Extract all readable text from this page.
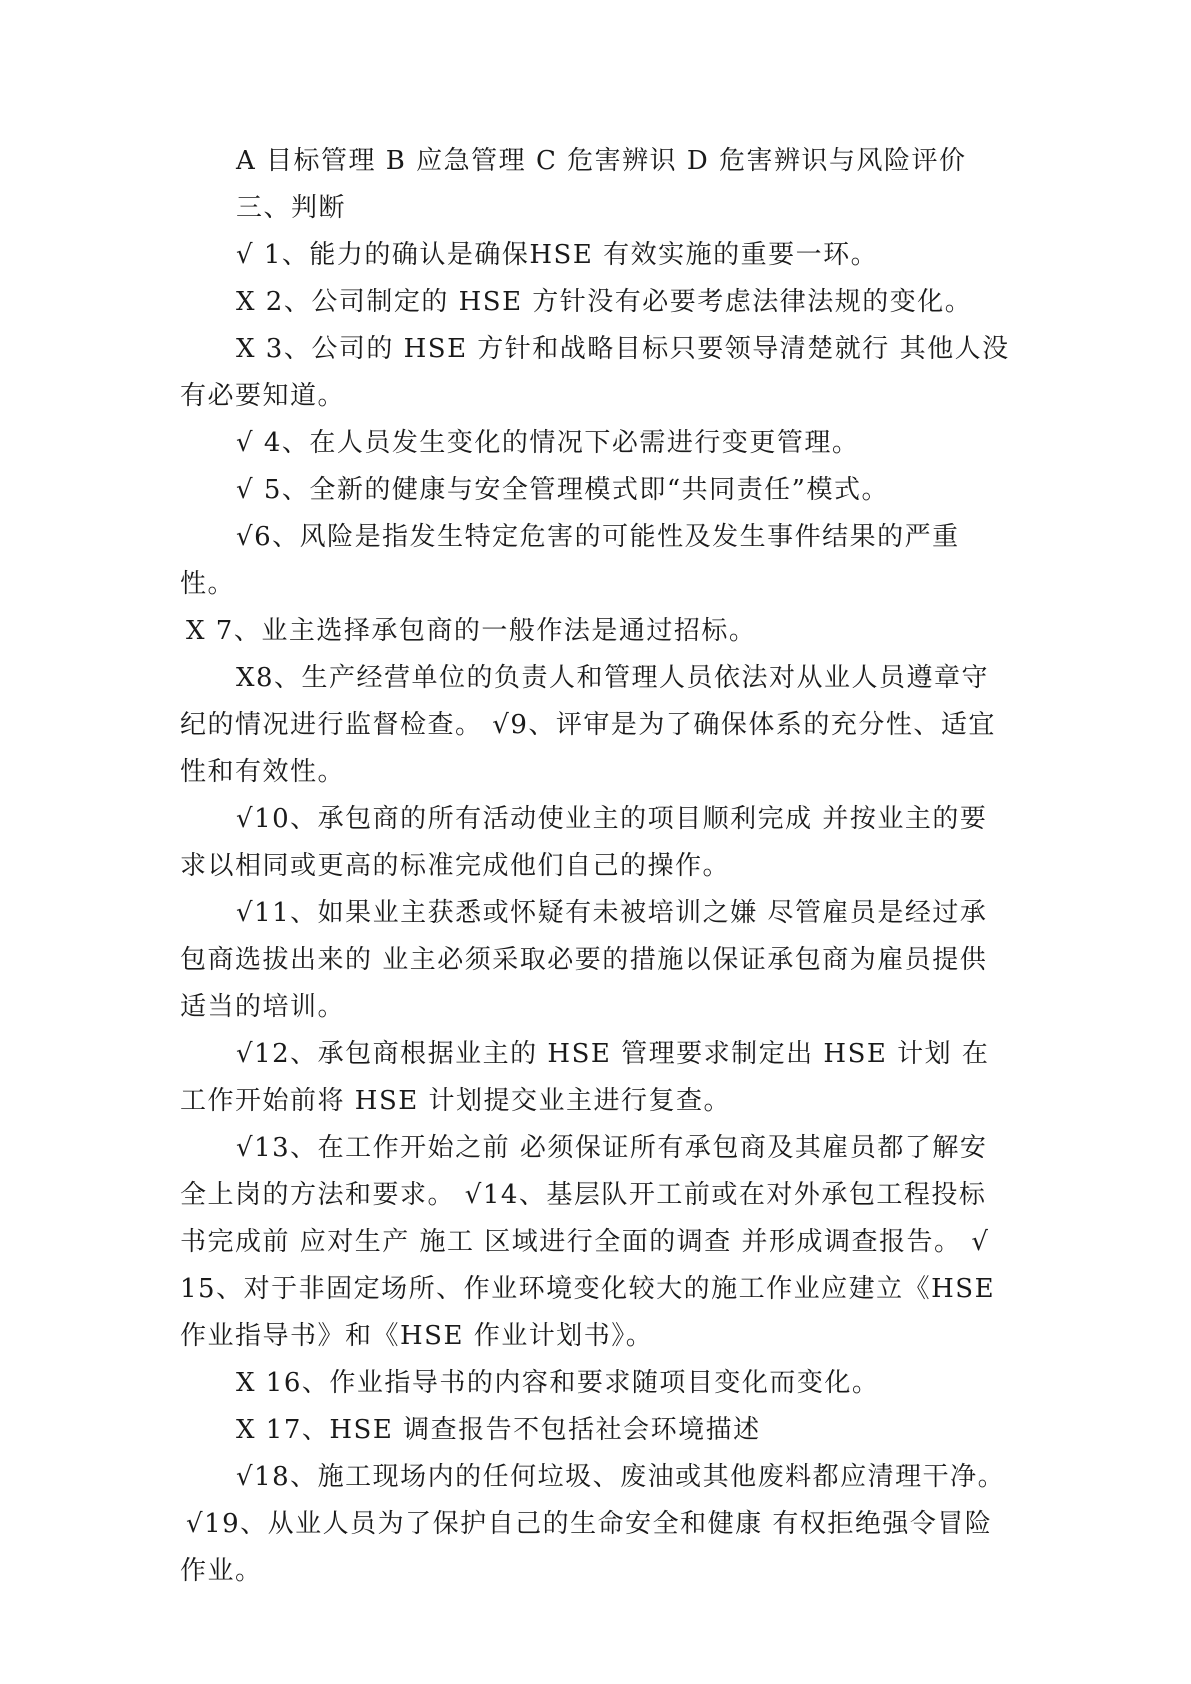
A 目标管理 B 应急管理 C 危害辨识 D 危害辨识与风险评价

三、判断

√ 1、能力的确认是确保HSE 有效实施的重要一环。

X 2、公司制定的 HSE 方针没有必要考虑法律法规的变化。

X 3、公司的 HSE 方针和战略目标只要领导清楚就行 其他人没有必要知道。

√ 4、在人员发生变化的情况下必需进行变更管理。

√ 5、全新的健康与安全管理模式即“共同责任”模式。

√6、风险是指发生特定危害的可能性及发生事件结果的严重性。

X 7、业主选择承包商的一般作法是通过招标。

X8、生产经营单位的负责人和管理人员依法对从业人员遵章守纪的情况进行监督检查。 √9、评审是为了确保体系的充分性、适宜性和有效性。

√10、承包商的所有活动使业主的项目顺利完成 并按业主的要求以相同或更高的标准完成他们自己的操作。

√11、如果业主获悉或怀疑有未被培训之嫌 尽管雇员是经过承包商选拔出来的 业主必须采取必要的措施以保证承包商为雇员提供适当的培训。

√12、承包商根据业主的 HSE 管理要求制定出 HSE 计划 在工作开始前将 HSE 计划提交业主进行复查。

√13、在工作开始之前 必须保证所有承包商及其雇员都了解安全上岗的方法和要求。 √14、基层队开工前或在对外承包工程投标书完成前 应对生产 施工 区域进行全面的调查 并形成调查报告。 √ 15、对于非固定场所、作业环境变化较大的施工作业应建立《HSE 作业指导书》和《HSE 作业计划书》。

X 16、作业指导书的内容和要求随项目变化而变化。

X 17、HSE 调查报告不包括社会环境描述

√18、施工现场内的任何垃圾、废油或其他废料都应清理干净。

√19、从业人员为了保护自己的生命安全和健康 有权拒绝强令冒险作业。
